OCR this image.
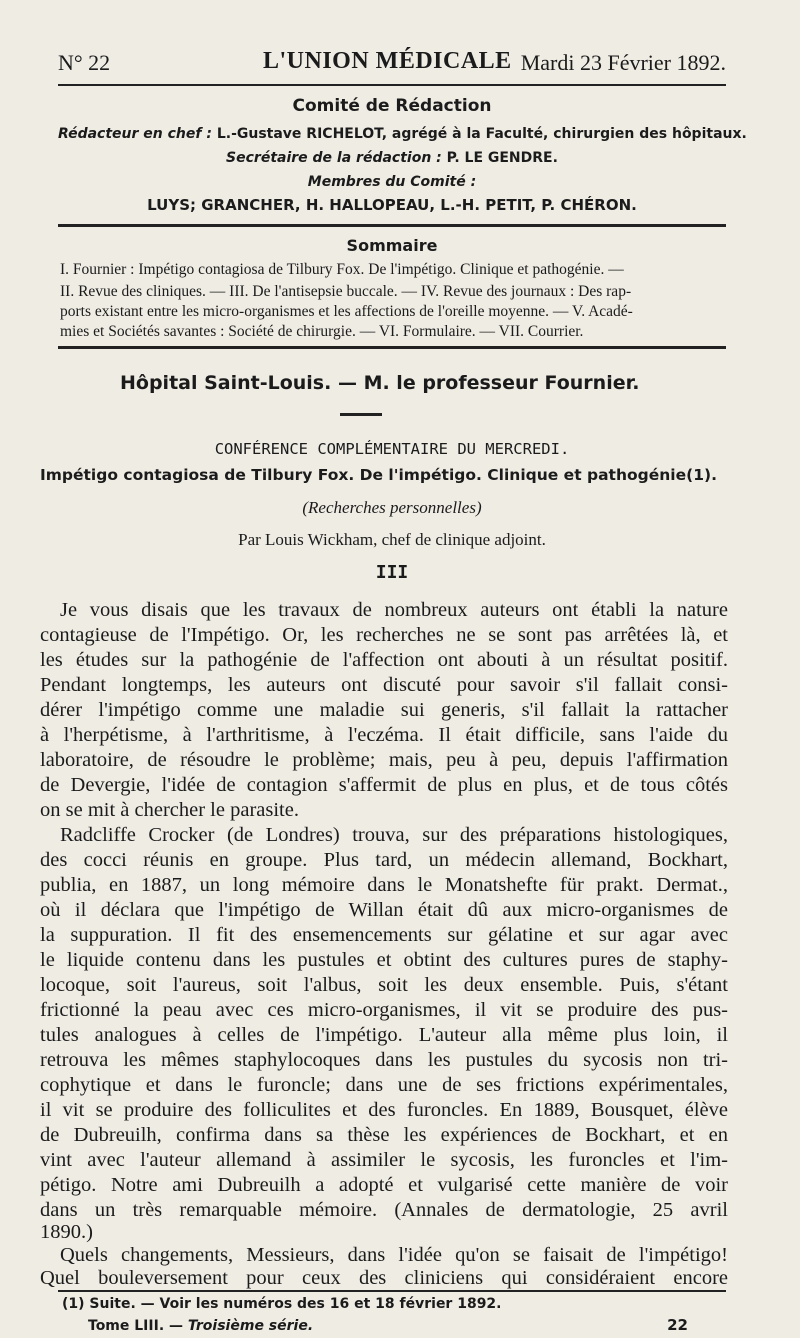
N° 22	L'UNION MÉDICALE Mardi 23 Février 1892.
Comité de Rédaction
Rédacteur en chef : L.-Gustave RICHELOT, agrégé à la Faculté, chirurgien des hôpitaux.
Secrétaire de la rédaction : P. LE GENDRE.
Membres du Comité :
LUYS; GRANCHER, H. HALLOPEAU, L.-H. PETIT, P. CHÉRON.
Sommaire
I. Fournier : Impétigo contagiosa de Tilbury Fox. De l'impétigo. Clinique et pathogénie. —
II. Revue des cliniques. — III. De l'antisepsie buccale. — IV. Revue des journaux : Des rap-
ports existant entre les micro-organismes et les affections de l'oreille moyenne. — V. Acadé-
mies et Sociétés savantes : Société de chirurgie. — VI. Formulaire. — VII. Courrier.
Hôpital Saint-Louis. — M. le professeur Fournier.
CONFÉRENCE COMPLÉMENTAIRE DU MERCREDI.
Impétigo contagiosa de Tilbury Fox. De l'impétigo. Clinique et pathogénie(1).
(Recherches personnelles)
Par Louis Wickham, chef de clinique adjoint.
III
Je vous disais que les travaux de nombreux auteurs ont établi la nature
contagieuse de l'Impétigo. Or, les recherches ne se sont pas arrêtées là, et
les études sur la pathogénie de l'affection ont abouti à un résultat positif.
Pendant longtemps, les auteurs ont discuté pour savoir s'il fallait consi-
dérer l'impétigo comme une maladie sui generis, s'il fallait la rattacher
à l'herpétisme, à l'arthritisme, à l'eczéma. Il était difficile, sans l'aide du
laboratoire, de résoudre le problème; mais, peu à peu, depuis l'affirmation
de Devergie, l'idée de contagion s'affermit de plus en plus, et de tous côtés
on se mit à chercher le parasite.
Radcliffe Crocker (de Londres) trouva, sur des préparations histologiques,
des cocci réunis en groupe. Plus tard, un médecin allemand, Bockhart,
publia, en 1887, un long mémoire dans le Monatshefte für prakt. Dermat.,
où il déclara que l'impétigo de Willan était dû aux micro-organismes de
la suppuration. Il fit des ensemencements sur gélatine et sur agar avec
le liquide contenu dans les pustules et obtint des cultures pures de staphy-
locoque, soit l'aureus, soit l'albus, soit les deux ensemble. Puis, s'étant
frictionné la peau avec ces micro-organismes, il vit se produire des pus-
tules analogues à celles de l'impétigo. L'auteur alla même plus loin, il
retrouva les mêmes staphylocoques dans les pustules du sycosis non tri-
cophytique et dans le furoncle; dans une de ses frictions expérimentales,
il vit se produire des folliculites et des furoncles. En 1889, Bousquet, élève
de Dubreuilh, confirma dans sa thèse les expériences de Bockhart, et en
vint avec l'auteur allemand à assimiler le sycosis, les furoncles et l'im-
pétigo. Notre ami Dubreuilh a adopté et vulgarisé cette manière de voir
dans un très remarquable mémoire. (Annales de dermatologie, 25 avril
1890.)
Quels changements, Messieurs, dans l'idée qu'on se faisait de l'impétigo!
Quel bouleversement pour ceux des cliniciens qui considéraient encore
(1) Suite. — Voir les numéros des 16 et 18 février 1892.
Tome LIII. — Troisième série.	22
